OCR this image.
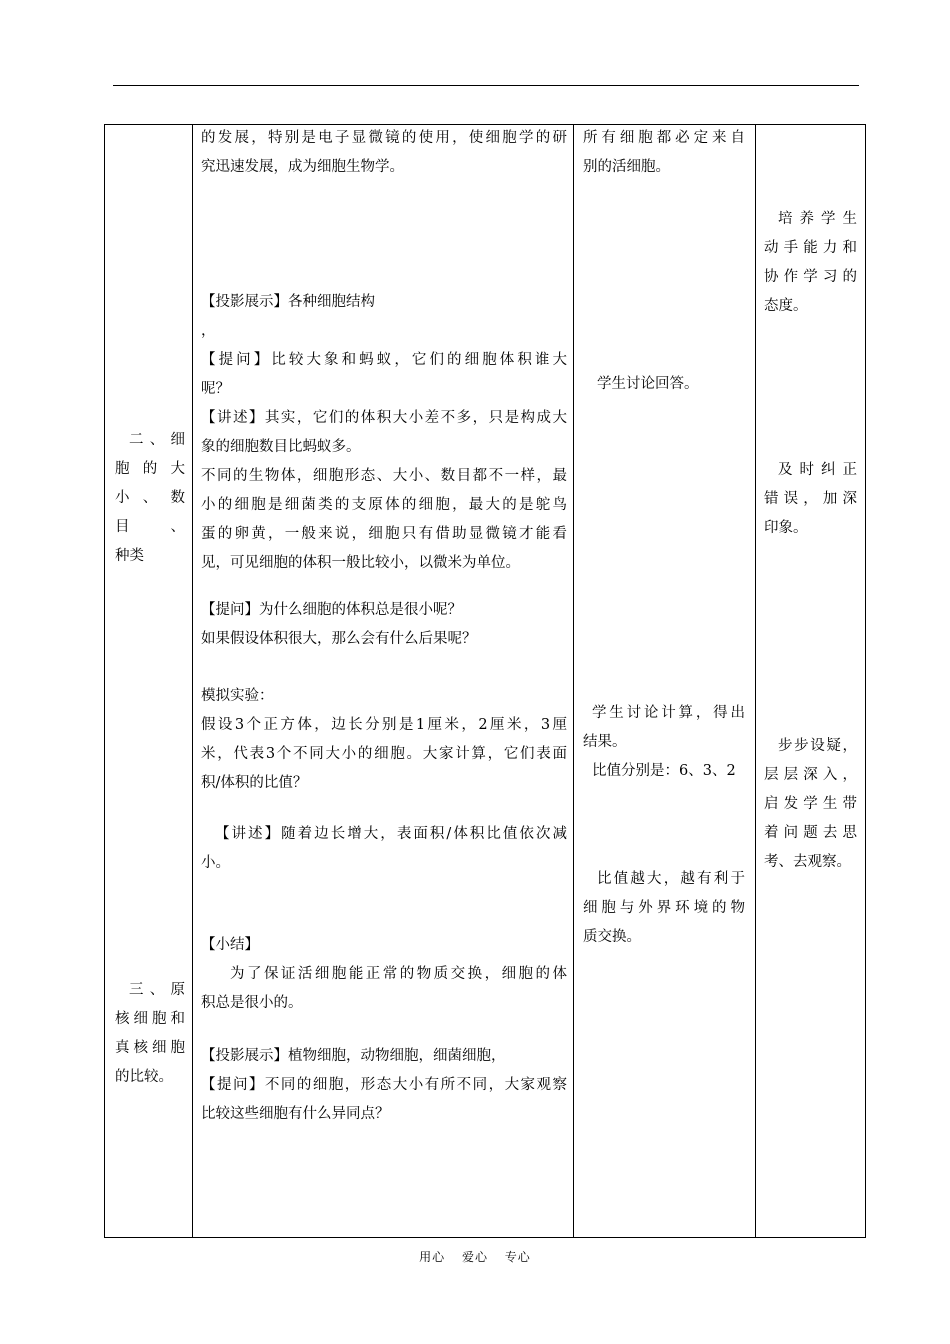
二、细

胞的大

小、数目、

种类

三、原

核细胞和

真核细胞

的比较。

的发展，特别是电子显微镜的使用，使细胞学的研

究迅速发展，成为细胞生物学。

【投影展示】各种细胞结构

，

【提问】比较大象和蚂蚁，它们的细胞体积谁大

呢？

【讲述】其实，它们的体积大小差不多，只是构成大

象的细胞数目比蚂蚁多。

不同的生物体，细胞形态、大小、数目都不一样，最

小的细胞是细菌类的支原体的细胞，最大的是鸵鸟

蛋的卵黄，一般来说，细胞只有借助显微镜才能看

见，可见细胞的体积一般比较小，以微米为单位。

【提问】为什么细胞的体积总是很小呢？

如果假设体积很大，那么会有什么后果呢？

模拟实验：

假设3个正方体，边长分别是1厘米，2厘米，3厘

米，代表3个不同大小的细胞。大家计算，它们表面

积/体积的比值？

【讲述】随着边长增大，表面积/体积比值依次减

小。

【小结】

为了保证活细胞能正常的物质交换，细胞的体

积总是很小的。

【投影展示】植物细胞，动物细胞，细菌细胞，

【提问】不同的细胞，形态大小有所不同，大家观察

比较这些细胞有什么异同点？

所有细胞都必定来自

别的活细胞。

学生讨论回答。

学生讨论计算，得出

结果。

比值分别是：6、3、2

比值越大，越有利于

细胞与外界环境的物

质交换。

培养学生

动手能力和

协作学习的

态度。

及时纠正

错误，加深

印象。

步步设疑，

层层深入，

启发学生带

着问题去思

考、去观察。

用心 爱心 专心
